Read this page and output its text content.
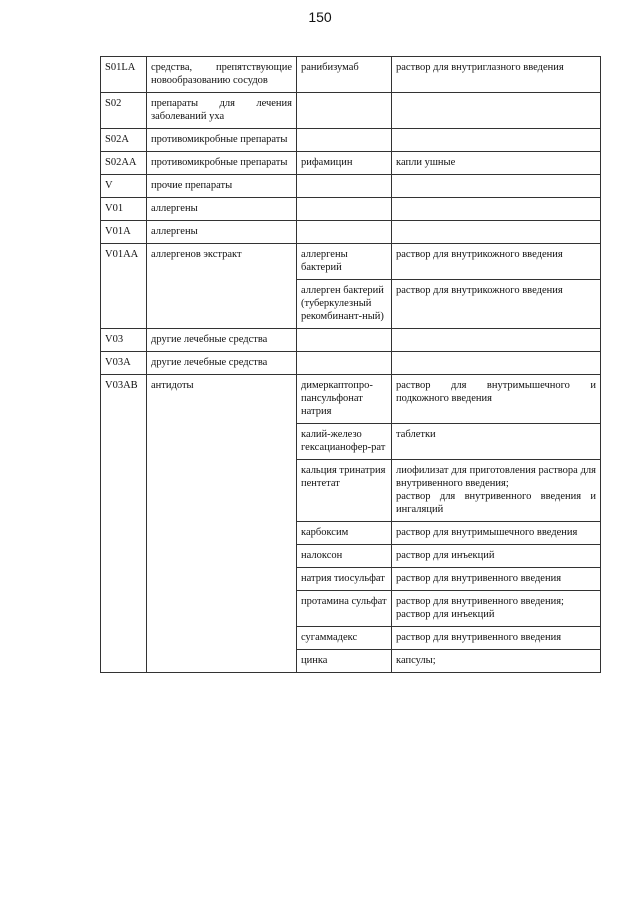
150
S01LA	средства, препятствующие новообразованию сосудов	ранибизумаб	раствор для внутриглазного введения

S02	препараты для лечения заболеваний уха		
S02A	противомикробные препараты		
S02AA	противомикробные препараты	рифамицин	капли ушные

V	прочие препараты		
V01	аллергены		
V01A	аллергены		
V01AA	аллергенов экстракт	аллергены бактерий	раствор для внутрикожного введения

		аллерген бактерий (туберкулезный рекомбинант-ный)	раствор для внутрикожного введения

V03	другие лечебные средства		
V03A	другие лечебные средства		
V03AB	антидоты	димеркаптопро-пансульфонат натрия	раствор для внутримышечного и подкожного введения

		калий-железо гексацианофер-рат	таблетки

		кальция тринатрия пентетат	лиофилизат для приготовления раствора для внутривенного введения;
раствор для внутривенного введения и ингаляций

		карбоксим	раствор для внутримышечного введения

		налоксон	раствор для инъекций

		натрия тиосульфат	раствор для внутривенного введения

		протамина сульфат	раствор для внутривенного введения;
раствор для инъекций

		сугаммадекс	раствор для внутривенного введения

		цинка	капсулы;
